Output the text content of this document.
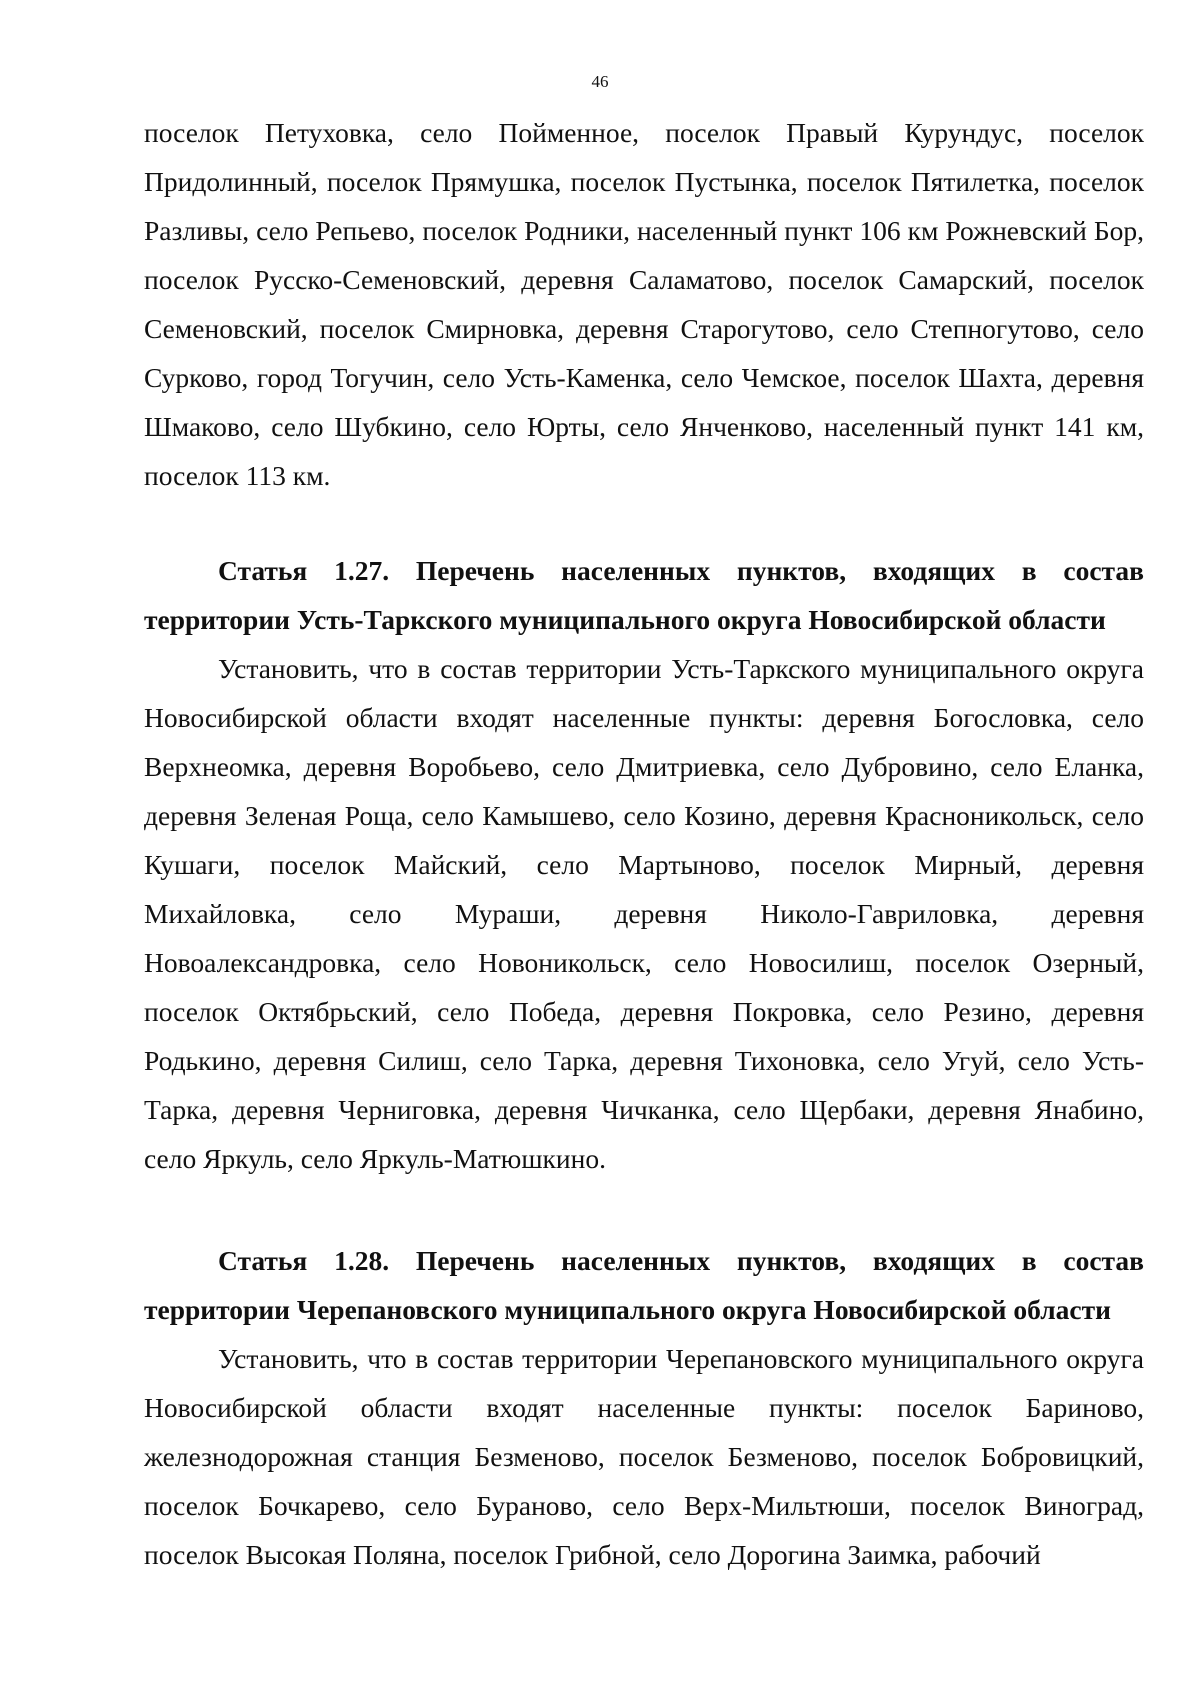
46

поселок Петуховка, село Пойменное, поселок Правый Курундус, поселок Придолинный, поселок Прямушка, поселок Пустынка, поселок Пятилетка, поселок Разливы, село Репьево, поселок Родники, населенный пункт 106 км Рожневский Бор, поселок Русско-Семеновский, деревня Саламатово, поселок Самарский, поселок Семеновский, поселок Смирновка, деревня Старогутово, село Степногутово, село Сурково, город Тогучин, село Усть-Каменка, село Чемское, поселок Шахта, деревня Шмаково, село Шубкино, село Юрты, село Янченково, населенный пункт 141 км, поселок 113 км.

Статья 1.27. Перечень населенных пунктов, входящих в состав территории Усть-Таркского муниципального округа Новосибирской области

Установить, что в состав территории Усть-Таркского муниципального округа Новосибирской области входят населенные пункты: деревня Богословка, село Верхнеомка, деревня Воробьево, село Дмитриевка, село Дубровино, село Еланка, деревня Зеленая Роща, село Камышево, село Козино, деревня Красноникольск, село Кушаги, поселок Майский, село Мартыново, поселок Мирный, деревня Михайловка, село Мураши, деревня Николо-Гавриловка, деревня Новоалександровка, село Новоникольск, село Новосилиш, поселок Озерный, поселок Октябрьский, село Победа, деревня Покровка, село Резино, деревня Родькино, деревня Силиш, село Тарка, деревня Тихоновка, село Угуй, село Усть-Тарка, деревня Черниговка, деревня Чичканка, село Щербаки, деревня Янабино, село Яркуль, село Яркуль-Матюшкино.

Статья 1.28. Перечень населенных пунктов, входящих в состав территории Черепановского муниципального округа Новосибирской области

Установить, что в состав территории Черепановского муниципального округа Новосибирской области входят населенные пункты: поселок Бариново, железнодорожная станция Безменово, поселок Безменово, поселок Бобровицкий, поселок Бочкарево, село Бураново, село Верх-Мильтюши, поселок Виноград, поселок Высокая Поляна, поселок Грибной, село Дорогина Заимка, рабочий
